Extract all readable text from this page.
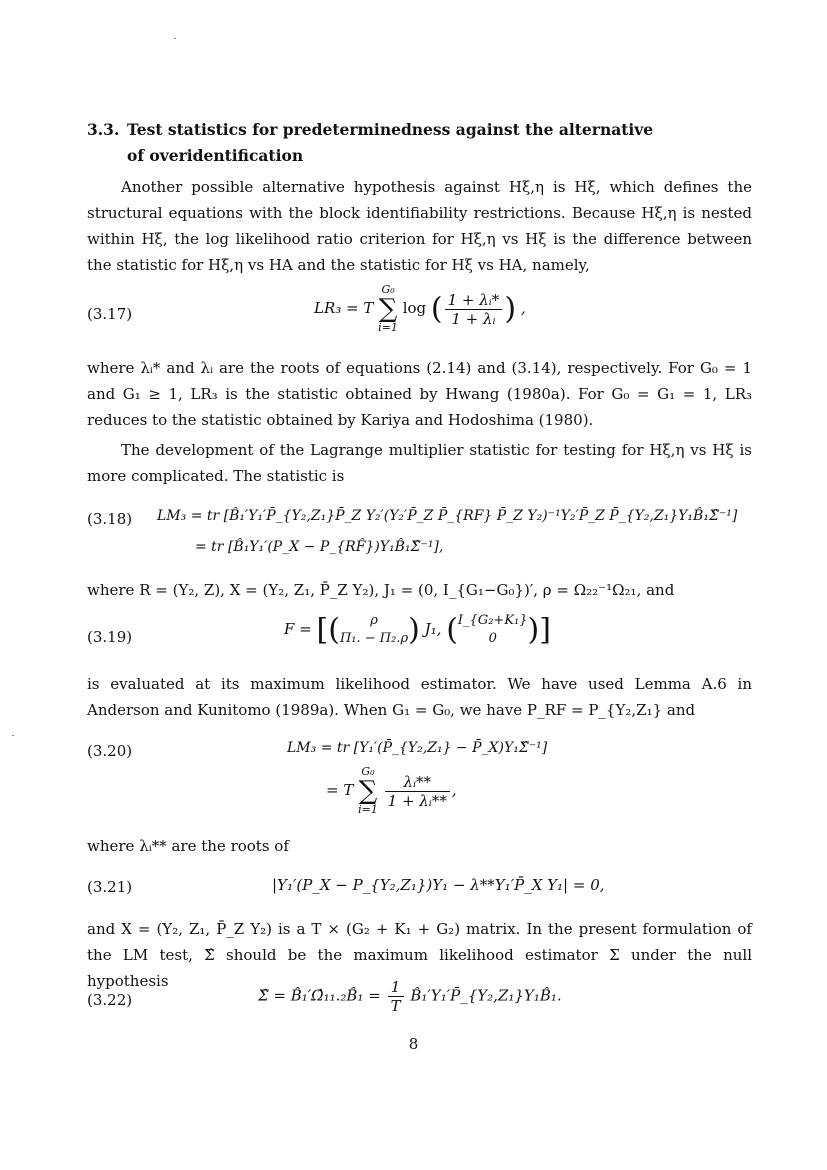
3.3. Test statistics for predeterminedness against the alternative
of overidentification
Another possible alternative hypothesis against Hξ,η is Hξ, which defines the structural equations with the block identifiability restrictions. Because Hξ,η is nested within Hξ, the log likelihood ratio criterion for Hξ,η vs Hξ is the difference between the statistic for Hξ,η vs HA and the statistic for Hξ vs HA, namely,
(3.17)	LR₃ = T G₀
∑
i=1 log ( $\frac{\text{1 + λᵢ*}}{\text{1 + λᵢ}}$ ) ,
where λᵢ* and λᵢ are the roots of equations (2.14) and (3.14), respectively. For G₀ = 1 and G₁ ≥ 1, LR₃ is the statistic obtained by Hwang (1980a). For G₀ = G₁ = 1, LR₃ reduces to the statistic obtained by Kariya and Hodoshima (1980).
The development of the Lagrange multiplier statistic for testing for Hξ,η vs Hξ is more complicated. The statistic is
(3.18) LM₃ = tr [B̂₁′Y₁′P̄_{Y₂,Z₁}P̄_Z Y₂′(Y₂′P̄_Z P̄_{RF} P̄_Z Y₂)⁻¹Y₂′P̄_Z P̄_{Y₂,Z₁}Y₁B̂₁Σ̂⁻¹]
= tr [B̂₁Y₁′(P_X − P_{RF̂})Y₁B̂₁Σ̂⁻¹],
where R = (Y₂, Z), X = (Y₂, Z₁, P̄_Z Y₂), J₁ = (0, I_{G₁−G₀})′, ρ = Ω₂₂⁻¹Ω₂₁, and
(3.19)	F = [(	ρ
Π₁. − Π₂.ρ ) J₁, ( I_{G₂+K₁}
0	)]
is evaluated at its maximum likelihood estimator. We have used Lemma A.6 in Anderson and Kunitomo (1989a). When G₁ = G₀, we have P_RF = P_{Y₂,Z₁} and
(3.20)	LM₃ = tr [Y₁′(P̄_{Y₂,Z₁} − P̄_X)Y₁Σ̂⁻¹]
= T G₀
∑
$i=1 \frac{\text{λᵢ**}}{\text{1 + λᵢ**}}$ ,
where λᵢ** are the roots of
(3.21)	|Y₁′(P_X − P_{Y₂,Z₁})Y₁ − λ**Y₁′P̄_X Y₁| = 0,
and X = (Y₂, Z₁, P̄_Z Y₂) is a T × (G₂ + K₁ + G₂) matrix. In the present formulation of the LM test, Σ̂ should be the maximum likelihood estimator Σ under the null hypothesis
(3.22)	Σ̂ = B̂₁′Ω̂₁₁.₂B̂₁ = $\frac{1}{T}$ B̂₁′Y₁′P̄_{Y₂,Z₁}Y₁B̂₁.
8
